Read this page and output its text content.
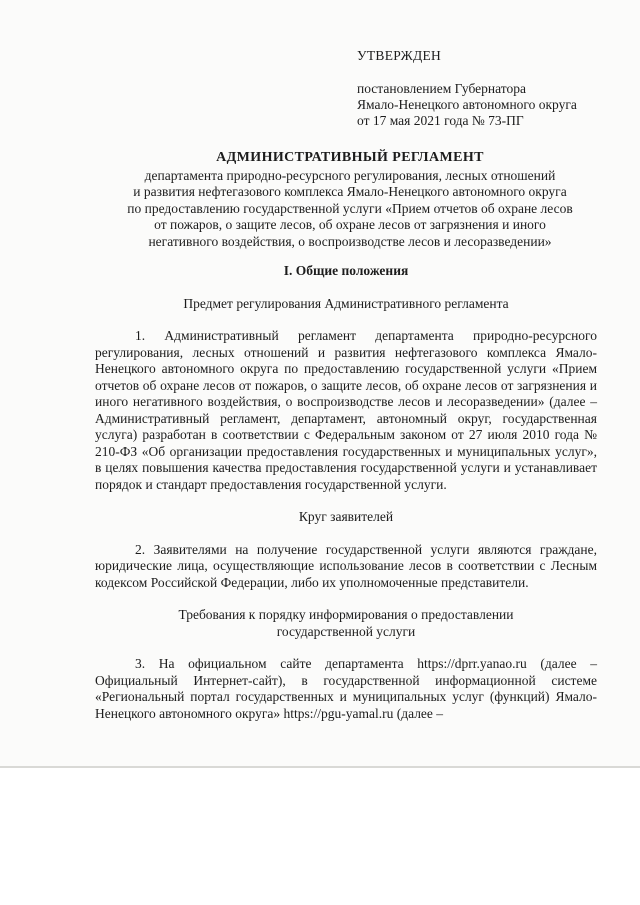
УТВЕРЖДЕН
постановлением Губернатора
Ямало-Ненецкого автономного округа
от 17 мая 2021 года № 73-ПГ
АДМИНИСТРАТИВНЫЙ РЕГЛАМЕНТ
департамента природно-ресурсного регулирования, лесных отношений
и развития нефтегазового комплекса Ямало-Ненецкого автономного округа
по предоставлению государственной услуги «Прием отчетов об охране лесов
от пожаров, о защите лесов, об охране лесов от загрязнения и иного
негативного воздействия, о воспроизводстве лесов и лесоразведении»
I. Общие положения
Предмет регулирования Административного регламента

1. Административный регламент департамента природно-ресурсного регулирования, лесных отношений и развития нефтегазового комплекса Ямало-Ненецкого автономного округа по предоставлению государственной услуги «Прием отчетов об охране лесов от пожаров, о защите лесов, об охране лесов от загрязнения и иного негативного воздействия, о воспроизводстве лесов и лесоразведении» (далее – Административный регламент, департамент, автономный округ, государственная услуга) разработан в соответствии с Федеральным законом от 27 июля 2010 года № 210-ФЗ «Об организации предоставления государственных и муниципальных услуг», в целях повышения качества предоставления государственной услуги и устанавливает порядок и стандарт предоставления государственной услуги.

Круг заявителей

2. Заявителями на получение государственной услуги являются граждане, юридические лица, осуществляющие использование лесов в соответствии с Лесным кодексом Российской Федерации, либо их уполномоченные представители.

Требования к порядку информирования о предоставлении
государственной услуги

3. На официальном сайте департамента https://dprr.yanao.ru (далее – Официальный Интернет-сайт), в государственной информационной системе «Региональный портал государственных и муниципальных услуг (функций) Ямало-Ненецкого автономного округа» https://pgu-yamal.ru (далее –
